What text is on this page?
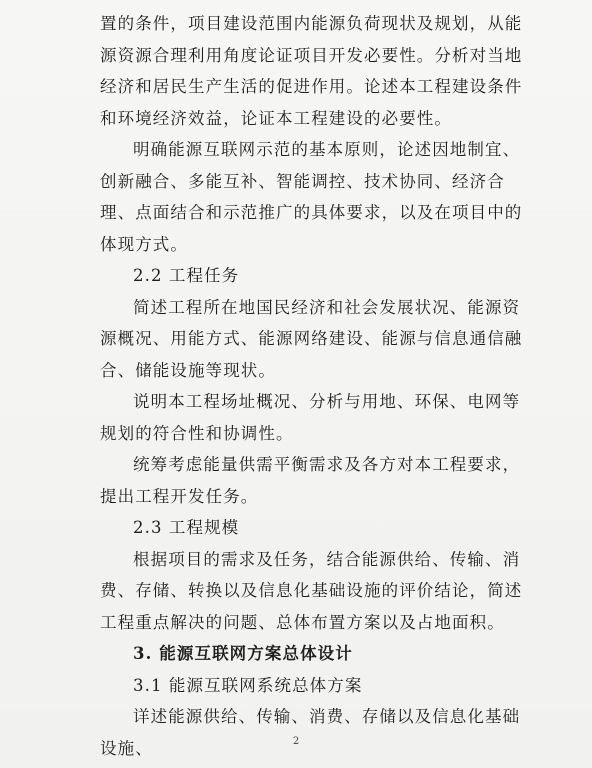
置的条件，项目建设范围内能源负荷现状及规划，从能源资源合理利用角度论证项目开发必要性。分析对当地经济和居民生产生活的促进作用。论述本工程建设条件和环境经济效益，论证本工程建设的必要性。

明确能源互联网示范的基本原则，论述因地制宜、创新融合、多能互补、智能调控、技术协同、经济合理、点面结合和示范推广的具体要求，以及在项目中的体现方式。

2.2 工程任务

简述工程所在地国民经济和社会发展状况、能源资源概况、用能方式、能源网络建设、能源与信息通信融合、储能设施等现状。

说明本工程场址概况、分析与用地、环保、电网等规划的符合性和协调性。

统筹考虑能量供需平衡需求及各方对本工程要求，提出工程开发任务。

2.3 工程规模

根据项目的需求及任务，结合能源供给、传输、消费、存储、转换以及信息化基础设施的评价结论，简述工程重点解决的问题、总体布置方案以及占地面积。

3. 能源互联网方案总体设计
3.1 能源互联网系统总体方案

详述能源供给、传输、消费、存储以及信息化基础设施、	2
